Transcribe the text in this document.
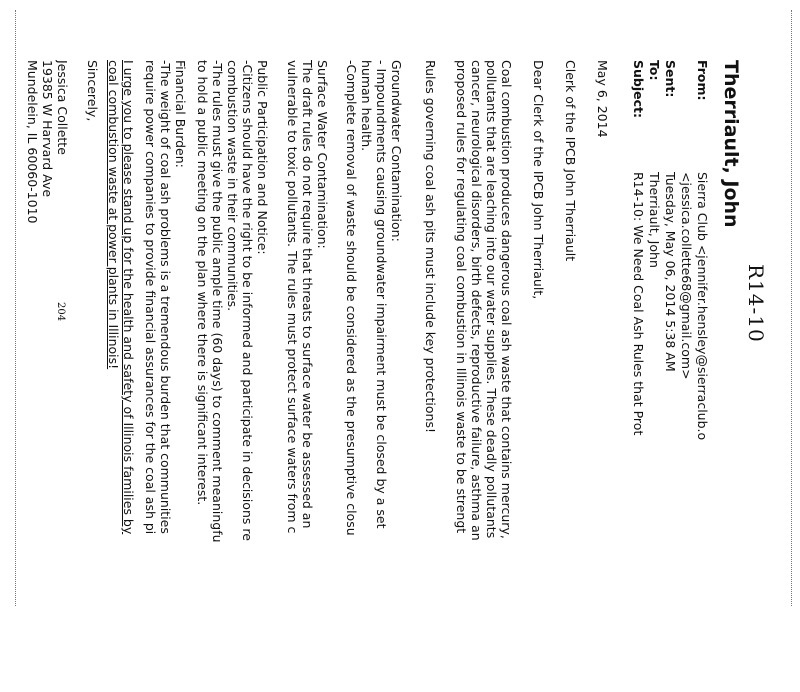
R14-10
Therriault, John
From:
Sierra Club <jennifer.hensley@sierraclub.o
<jessica.collette68@gmail.com>
Sent:
Tuesday, May 06, 2014 5:38 AM
To:
Therriault, John
Subject:
R14-10: We Need Coal Ash Rules that Prot

May 6, 2014

Clerk of the IPCB John Therriault

Dear Clerk of the IPCB John Therriault,

Coal combustion produces dangerous coal ash waste that contains mercury,
pollutants that are leaching into our water supplies. These deadly pollutants
cancer, neurological disorders, birth defects, reproductive failure, asthma an
proposed rules for regulating coal combustion in Illinois waste to be strengt

Rules governing coal ash pits must include key protections!

Groundwater Contamination:
- Impoundments causing groundwater impairment must be closed by a set
human health.
-Complete removal of waste should be considered as the presumptive closu

Surface Water Contamination:
The draft rules do not require that threats to surface water be assessed an
vulnerable to toxic pollutants. The rules must protect surface waters from c

Public Participation and Notice:
-Citizens should have the right to be informed and participate in decisions re
combustion waste in their communities.
-The rules must give the public ample time (60 days) to comment meaningfu
to hold a public meeting on the plan where there is significant interest.

Financial Burden:
-The weight of coal ash problems is a tremendous burden that communities
require power companies to provide financial assurances for the coal ash pi

I urge you to please stand up for the health and safety of Illinois families by
coal combustion waste at power plants in Illinois!

Sincerely,

Jessica Collette
19385 W Harvard Ave
Mundelein, IL 60060-1010

204
